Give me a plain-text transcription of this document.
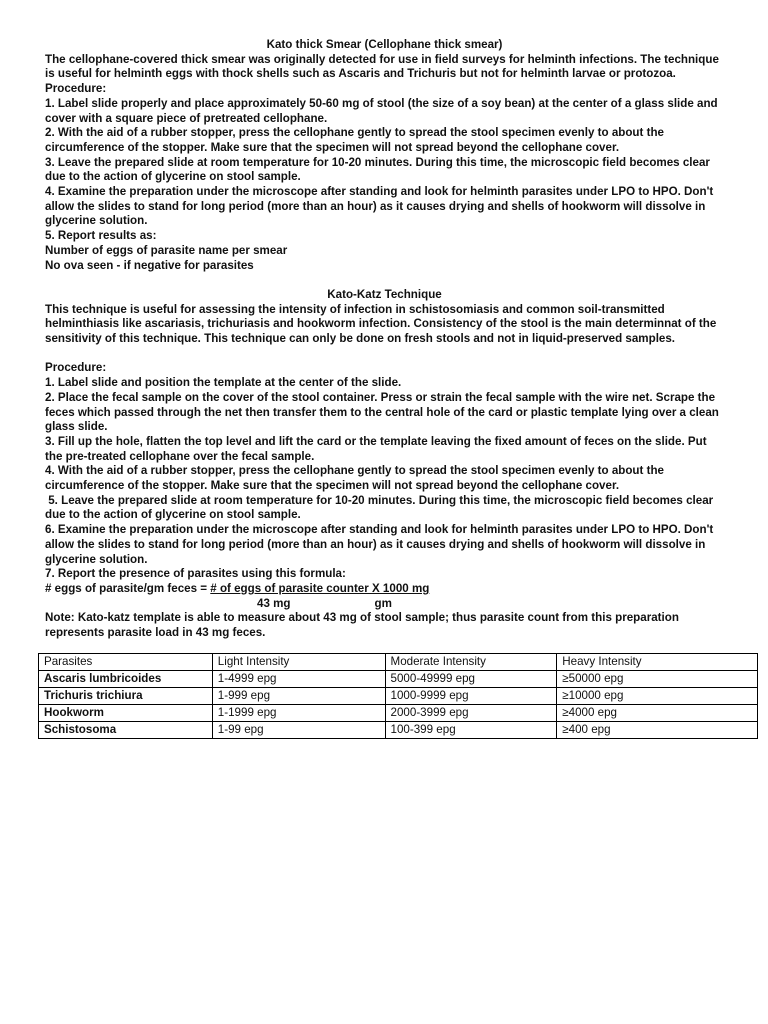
Kato thick Smear (Cellophane thick smear)

The cellophane-covered thick smear was originally detected for use in field surveys for helminth infections. The technique is useful for helminth eggs with thock shells such as Ascaris and Trichuris but not for helminth larvae or protozoa.

Procedure:

1. Label slide properly and place approximately 50-60 mg of stool (the size of a soy bean) at the center of a glass slide and cover with a square piece of pretreated cellophane.

2. With the aid of a rubber stopper, press the cellophane gently to spread the stool specimen evenly to about the circumference of the stopper. Make sure that the specimen will not spread beyond the cellophane cover.

3. Leave the prepared slide at room temperature for 10-20 minutes. During this time, the microscopic field becomes clear due to the action of glycerine on stool sample.

4. Examine the preparation under the microscope after standing and look for helminth parasites under LPO to HPO. Don't allow the slides to stand for long period (more than an hour) as it causes drying and shells of hookworm will dissolve in glycerine solution.

5. Report results as:

Number of eggs of parasite name per smear

No ova seen - if negative for parasites

Kato-Katz Technique

This technique is useful for assessing the intensity of infection in schistosomiasis and common soil-transmitted helminthiasis like ascariasis, trichuriasis and hookworm infection. Consistency of the stool is the main determinnat of the sensitivity of this technique. This technique can only be done on fresh stools and not in liquid-preserved samples.

Procedure:

1. Label slide and position the template at the center of the slide.

2. Place the fecal sample on the cover of the stool container. Press or strain the fecal sample with the wire net. Scrape the feces which passed through the net then transfer them to the central hole of the card or plastic template lying over a clean glass slide.

3. Fill up the hole, flatten the top level and lift the card or the template leaving the fixed amount of feces on the slide. Put the pre-treated cellophane over the fecal sample.

4. With the aid of a rubber stopper, press the cellophane gently to spread the stool specimen evenly to about the circumference of the stopper. Make sure that the specimen will not spread beyond the cellophane cover.

5. Leave the prepared slide at room temperature for 10-20 minutes. During this time, the microscopic field becomes clear due to the action of glycerine on stool sample.

6. Examine the preparation under the microscope after standing and look for helminth parasites under LPO to HPO. Don't allow the slides to stand for long period (more than an hour) as it causes drying and shells of hookworm will dissolve in glycerine solution.

7. Report the presence of parasites using this formula:

# eggs of parasite/gm feces = # of eggs of parasite counter X 1000 mg
43 mg	gm

Note: Kato-katz template is able to measure about 43 mg of stool sample; thus parasite count from this preparation represents parasite load in 43 mg feces.

Parasites	Light Intensity	Moderate Intensity	Heavy Intensity
Ascaris lumbricoides	1-4999 epg	5000-49999 epg	≥50000 epg
Trichuris trichiura	1-999 epg	1000-9999 epg	≥10000 epg
Hookworm	1-1999 epg	2000-3999 epg	≥4000 epg
Schistosoma	1-99 epg	100-399 epg	≥400 epg
